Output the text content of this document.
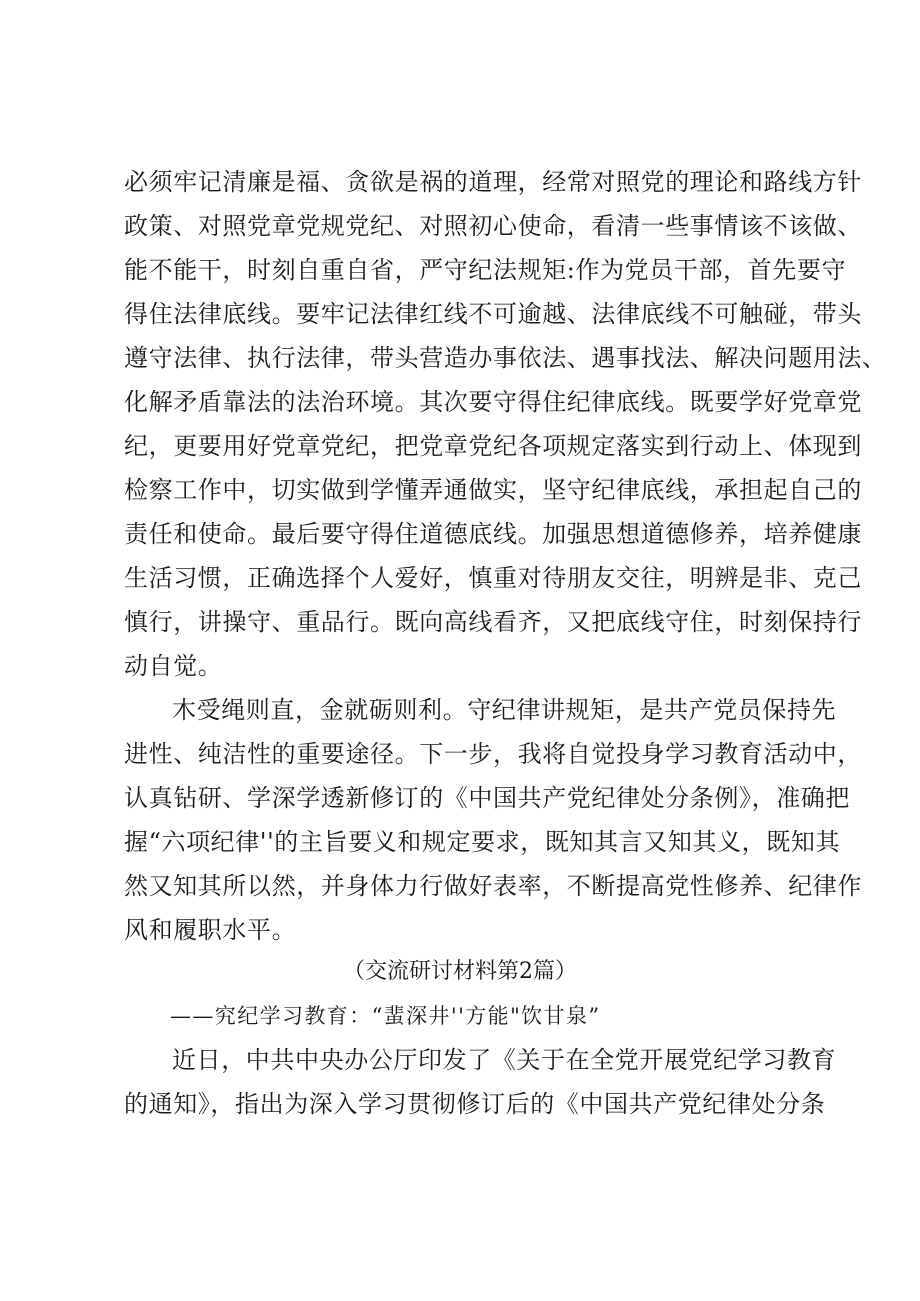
必须牢记清廉是福、贪欲是祸的道理，经常对照党的理论和路线方针
政策、对照党章党规党纪、对照初心使命，看清一些事情该不该做、
能不能干，时刻自重自省，严守纪法规矩:作为党员干部，首先要守
得住法律底线。要牢记法律红线不可逾越、法律底线不可触碰，带头
遵守法律、执行法律，带头营造办事依法、遇事找法、解决问题用法、
化解矛盾靠法的法治环境。其次要守得住纪律底线。既要学好党章党
纪，更要用好党章党纪，把党章党纪各项规定落实到行动上、体现到
检察工作中，切实做到学懂弄通做实，坚守纪律底线，承担起自己的
责任和使命。最后要守得住道德底线。加强思想道德修养，培养健康
生活习惯，正确选择个人爱好，慎重对待朋友交往，明辨是非、克己
慎行，讲操守、重品行。既向高线看齐，又把底线守住，时刻保持行
动自觉。
木受绳则直，金就砺则利。守纪律讲规矩，是共产党员保持先
进性、纯洁性的重要途径。下一步，我将自觉投身学习教育活动中，
认真钻研、学深学透新修订的《中国共产党纪律处分条例》，准确把
握“六项纪律''的主旨要义和规定要求，既知其言又知其义，既知其
然又知其所以然，并身体力行做好表率，不断提高党性修养、纪律作
风和履职水平。
（交流研讨材料第2篇）
——究纪学习教育：“蜚深井''方能"饮甘泉”
近日，中共中央办公厅印发了《关于在全党开展党纪学习教育
的通知》，指出为深入学习贯彻修订后的《中国共产党纪律处分条
